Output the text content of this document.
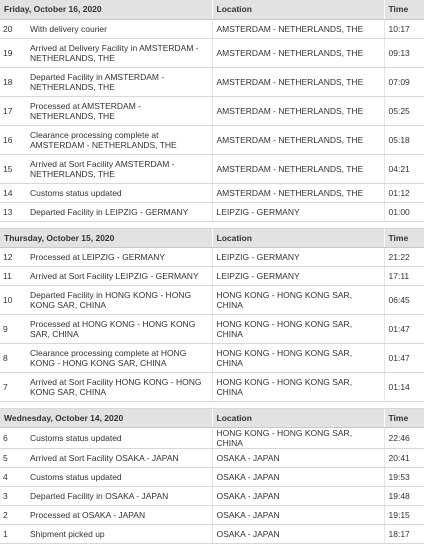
Friday, October 16, 2020		Location	Time
20	With delivery courier	AMSTERDAM - NETHERLANDS, THE	10:17
19	Arrived at Delivery Facility in AMSTERDAM - NETHERLANDS, THE	AMSTERDAM - NETHERLANDS, THE	09:13
18	Departed Facility in AMSTERDAM - NETHERLANDS, THE	AMSTERDAM - NETHERLANDS, THE	07:09
17	Processed at AMSTERDAM - NETHERLANDS, THE	AMSTERDAM - NETHERLANDS, THE	05:25
16	Clearance processing complete at AMSTERDAM - NETHERLANDS, THE	AMSTERDAM - NETHERLANDS, THE	05:18
15	Arrived at Sort Facility AMSTERDAM - NETHERLANDS, THE	AMSTERDAM - NETHERLANDS, THE	04:21
14	Customs status updated	AMSTERDAM - NETHERLANDS, THE	01:12
13	Departed Facility in LEIPZIG - GERMANY	LEIPZIG - GERMANY	01:00

Thursday, October 15, 2020		Location	Time
12	Processed at LEIPZIG - GERMANY	LEIPZIG - GERMANY	21:22
11	Arrived at Sort Facility LEIPZIG - GERMANY	LEIPZIG - GERMANY	17:11
10	Departed Facility in HONG KONG - HONG KONG SAR, CHINA	HONG KONG - HONG KONG SAR, CHINA	06:45
9	Processed at HONG KONG - HONG KONG SAR, CHINA	HONG KONG - HONG KONG SAR, CHINA	01:47
8	Clearance processing complete at HONG KONG - HONG KONG SAR, CHINA	HONG KONG - HONG KONG SAR, CHINA	01:47
7	Arrived at Sort Facility HONG KONG - HONG KONG SAR, CHINA	HONG KONG - HONG KONG SAR, CHINA	01:14

Wednesday, October 14, 2020		Location	Time
6	Customs status updated	HONG KONG - HONG KONG SAR, CHINA	22:46
5	Arrived at Sort Facility OSAKA - JAPAN	OSAKA - JAPAN	20:41
4	Customs status updated	OSAKA - JAPAN	19:53
3	Departed Facility in OSAKA - JAPAN	OSAKA - JAPAN	19:48
2	Processed at OSAKA - JAPAN	OSAKA - JAPAN	19:15
1	Shipment picked up	OSAKA - JAPAN	18:17
